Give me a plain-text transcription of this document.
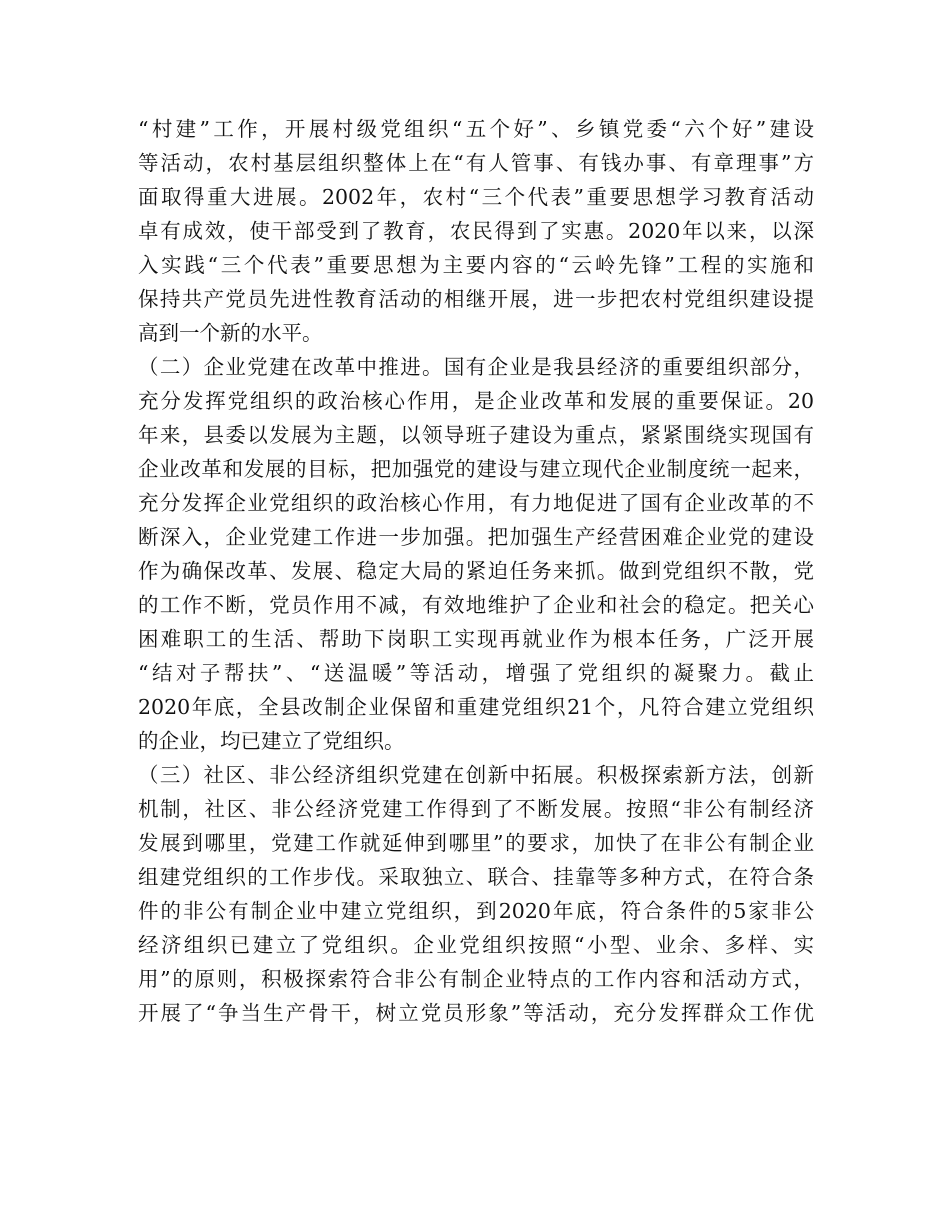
“村建”工作，开展村级党组织“五个好”、乡镇党委“六个好”建设
等活动，农村基层组织整体上在“有人管事、有钱办事、有章理事”方
面取得重大进展。2002年，农村“三个代表”重要思想学习教育活动
卓有成效，使干部受到了教育，农民得到了实惠。2020年以来，以深
入实践“三个代表”重要思想为主要内容的“云岭先锋”工程的实施和
保持共产党员先进性教育活动的相继开展，进一步把农村党组织建设提
高到一个新的水平。
（二）企业党建在改革中推进。国有企业是我县经济的重要组织部分，
充分发挥党组织的政治核心作用，是企业改革和发展的重要保证。20
年来，县委以发展为主题，以领导班子建设为重点，紧紧围绕实现国有
企业改革和发展的目标，把加强党的建设与建立现代企业制度统一起来，
充分发挥企业党组织的政治核心作用，有力地促进了国有企业改革的不
断深入，企业党建工作进一步加强。把加强生产经营困难企业党的建设
作为确保改革、发展、稳定大局的紧迫任务来抓。做到党组织不散，党
的工作不断，党员作用不减，有效地维护了企业和社会的稳定。把关心
困难职工的生活、帮助下岗职工实现再就业作为根本任务，广泛开展
“结对子帮扶”、“送温暖”等活动，增强了党组织的凝聚力。截止
2020年底，全县改制企业保留和重建党组织21个，凡符合建立党组织
的企业，均已建立了党组织。
（三）社区、非公经济组织党建在创新中拓展。积极探索新方法，创新
机制，社区、非公经济党建工作得到了不断发展。按照“非公有制经济
发展到哪里，党建工作就延伸到哪里”的要求，加快了在非公有制企业
组建党组织的工作步伐。采取独立、联合、挂靠等多种方式，在符合条
件的非公有制企业中建立党组织，到2020年底，符合条件的5家非公
经济组织已建立了党组织。企业党组织按照“小型、业余、多样、实
用”的原则，积极探索符合非公有制企业特点的工作内容和活动方式，
开展了“争当生产骨干，树立党员形象”等活动，充分发挥群众工作优
